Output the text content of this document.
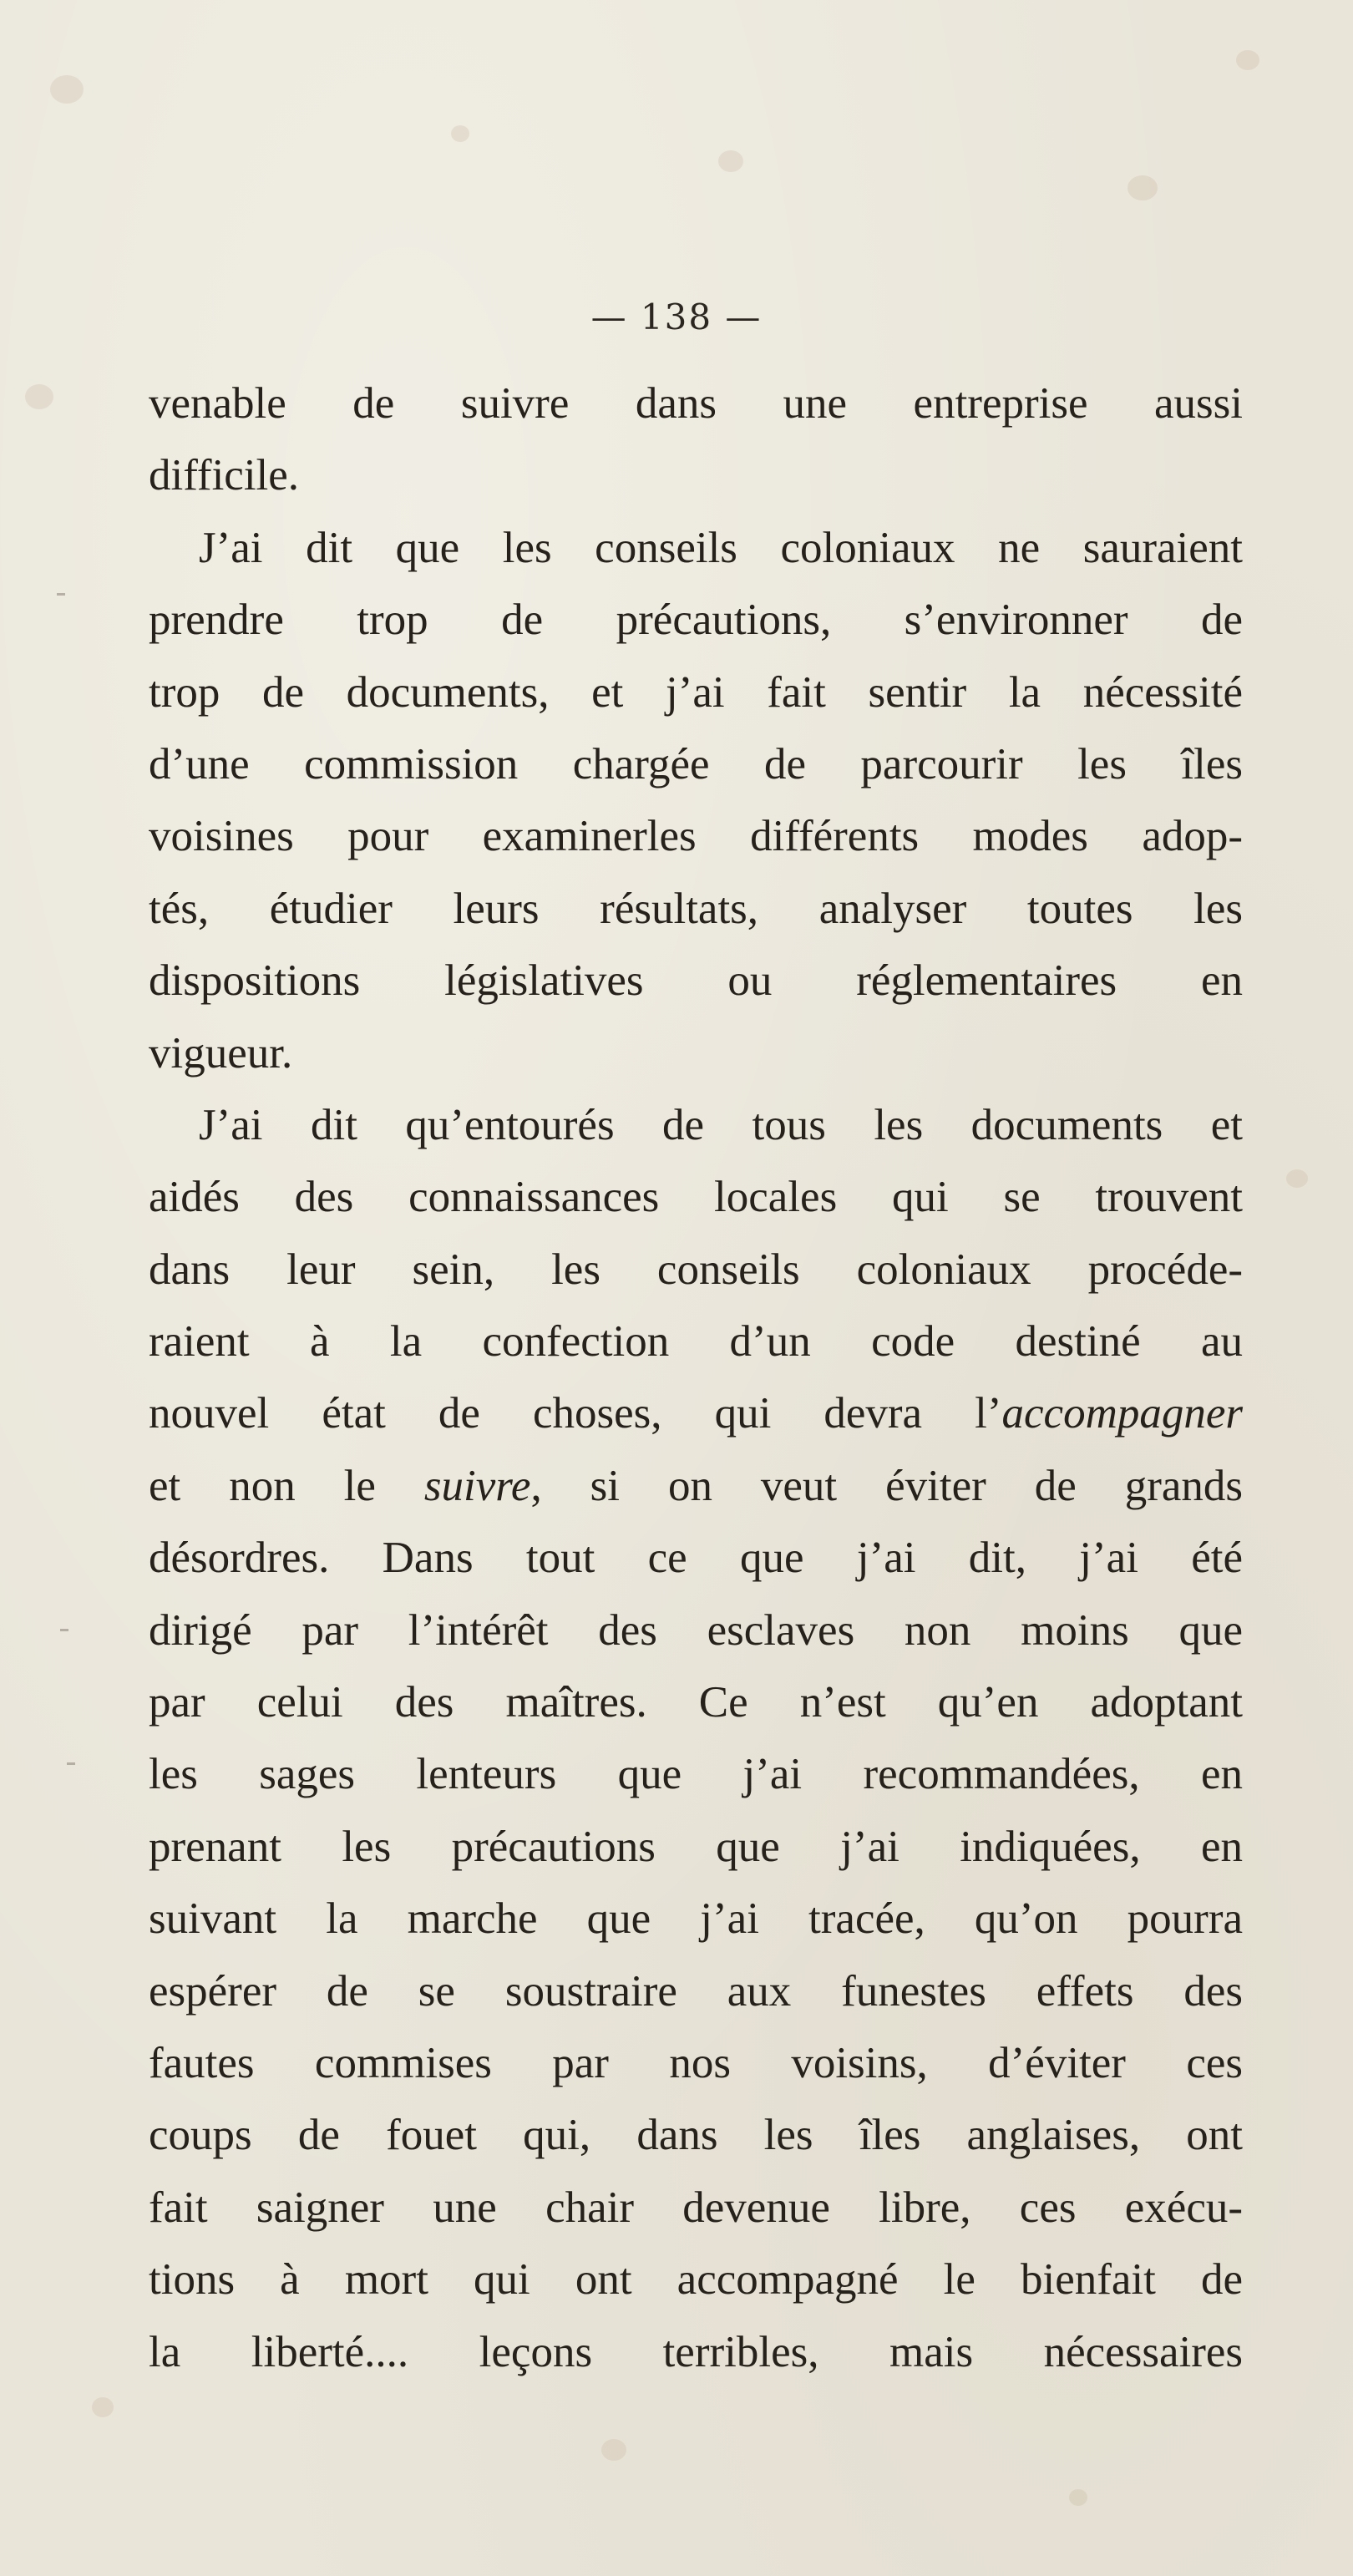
— 138 —
venable de suivre dans une entreprise aussi
difficile.
J’ai dit que les conseils coloniaux ne sauraient
prendre trop de précautions, s’environner de
trop de documents, et j’ai fait sentir la nécessité
d’une commission chargée de parcourir les îles
voisines pour examinerles différents modes adop-
tés, étudier leurs résultats, analyser toutes les
dispositions législatives ou réglementaires en
vigueur.
J’ai dit qu’entourés de tous les documents et
aidés des connaissances locales qui se trouvent
dans leur sein, les conseils coloniaux procéde-
raient à la confection d’un code destiné au
nouvel état de choses, qui devra l’accompagner
et non le suivre, si on veut éviter de grands
désordres. Dans tout ce que j’ai dit, j’ai été
dirigé par l’intérêt des esclaves non moins que
par celui des maîtres. Ce n’est qu’en adoptant
les sages lenteurs que j’ai recommandées, en
prenant les précautions que j’ai indiquées, en
suivant la marche que j’ai tracée, qu’on pourra
espérer de se soustraire aux funestes effets des
fautes commises par nos voisins, d’éviter ces
coups de fouet qui, dans les îles anglaises, ont
fait saigner une chair devenue libre, ces exécu-
tions à mort qui ont accompagné le bienfait de
la liberté.... leçons terribles, mais nécessaires
